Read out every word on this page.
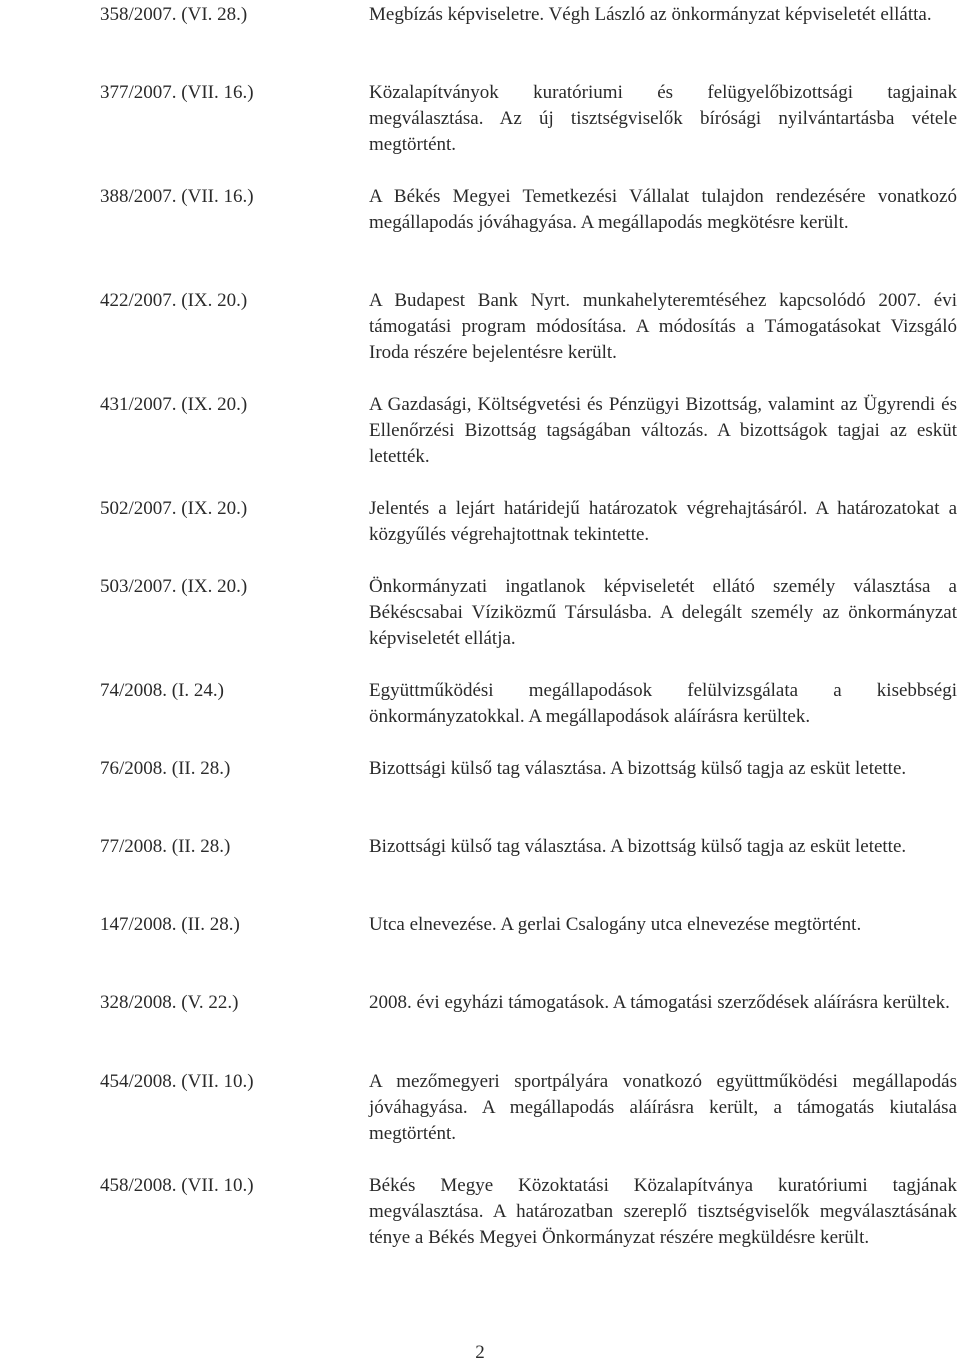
358/2007. (VI. 28.)	Megbízás képviseletre. Végh László az önkormányzat képviseletét ellátta.
377/2007. (VII. 16.)	Közalapítványok kuratóriumi és felügyelőbizottsági tagjainak megválasztása. Az új tisztségviselők bírósági nyilvántartásba vétele megtörtént.
388/2007. (VII. 16.)	A Békés Megyei Temetkezési Vállalat tulajdon rendezésére vonatkozó megállapodás jóváhagyása. A megállapodás megkötésre került.
422/2007. (IX. 20.)	A Budapest Bank Nyrt. munkahelyteremtéséhez kapcsolódó 2007. évi támogatási program módosítása. A módosítás a Támogatásokat Vizsgáló Iroda részére bejelentésre került.
431/2007. (IX. 20.)	A Gazdasági, Költségvetési és Pénzügyi Bizottság, valamint az Ügyrendi és Ellenőrzési Bizottság tagságában változás. A bizottságok tagjai az esküt letették.
502/2007. (IX. 20.)	Jelentés a lejárt határidejű határozatok végrehajtásáról. A határozatokat a közgyűlés végrehajtottnak tekintette.
503/2007. (IX. 20.)	Önkormányzati ingatlanok képviseletét ellátó személy választása a Békéscsabai Víziközmű Társulásba. A delegált személy az önkormányzat képviseletét ellátja.
74/2008. (I. 24.)	Együttműködési megállapodások felülvizsgálata a kisebbségi önkormányzatokkal. A megállapodások aláírásra kerültek.
76/2008. (II. 28.)	Bizottsági külső tag választása. A bizottság külső tagja az esküt letette.
77/2008. (II. 28.)	Bizottsági külső tag választása. A bizottság külső tagja az esküt letette.
147/2008. (II. 28.)	Utca elnevezése. A gerlai Csalogány utca elnevezése megtörtént.
328/2008. (V. 22.)	2008. évi egyházi támogatások. A támogatási szerződések aláírásra kerültek.
454/2008. (VII. 10.)	A mezőmegyeri sportpályára vonatkozó együttműködési megállapodás jóváhagyása. A megállapodás aláírásra került, a támogatás kiutalása megtörtént.
458/2008. (VII. 10.)	Békés Megye Közoktatási Közalapítványa kuratóriumi tagjának megválasztása. A határozatban szereplő tisztségviselők megválasztásának ténye a Békés Megyei Önkormányzat részére megküldésre került.
2
